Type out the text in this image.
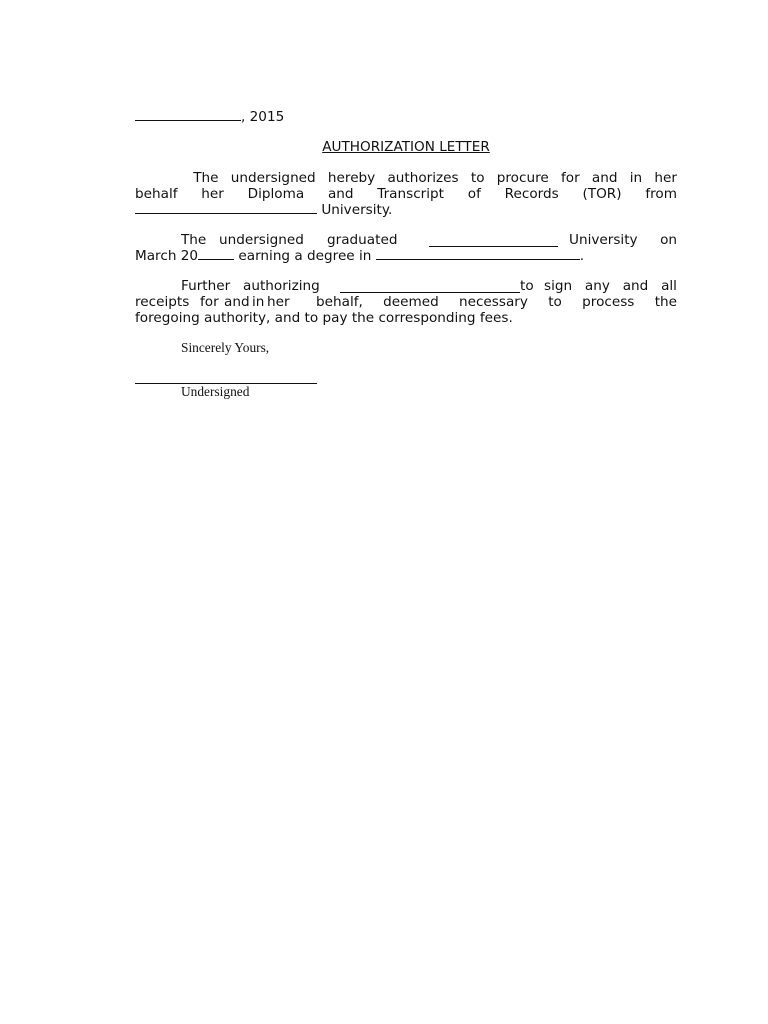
, 2015
AUTHORIZATION LETTER
The undersigned hereby authorizes to procure for and in her
behalf her Diploma and Transcript of Records (TOR) from
University.
The undersigned graduated	University on
March 20	earning a degree in	.
Further authorizing	to sign any and all
receipts for and in her behalf, deemed necessary to process the
foregoing authority, and to pay the corresponding fees.
Sincerely Yours,
Undersigned
